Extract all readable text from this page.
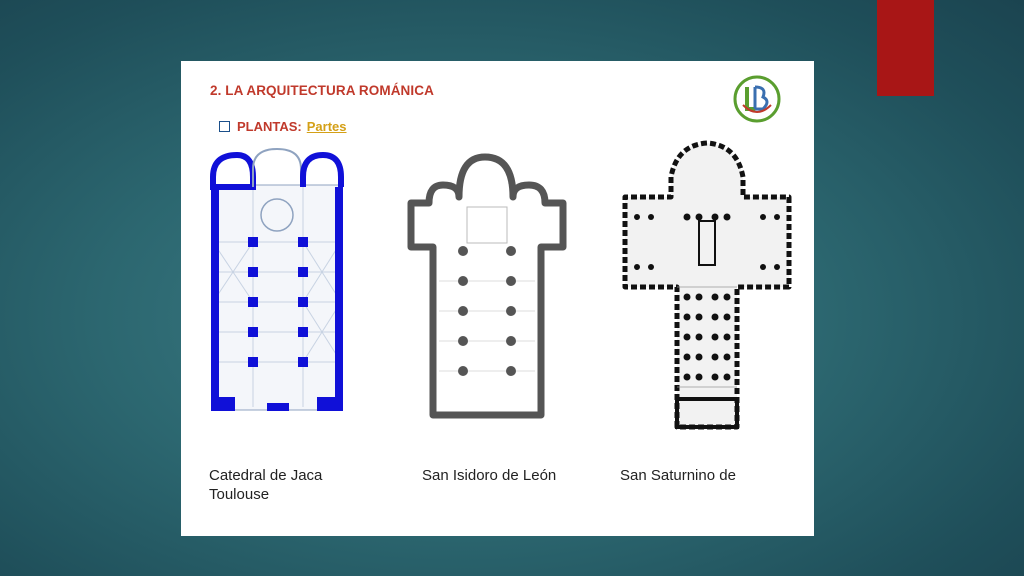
2. LA ARQUITECTURA ROMÁNICA
PLANTAS: Partes
Catedral de Jaca
Toulouse
San Isidoro de León	San Saturnino de
